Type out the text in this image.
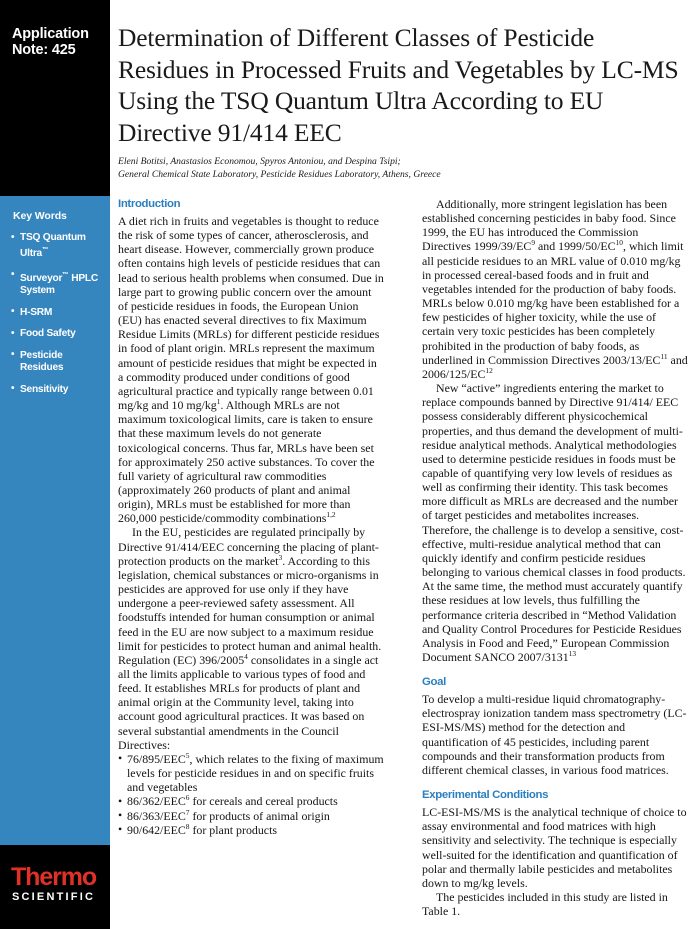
Application
Note: 425
Key Words
• TSQ Quantum Ultra™
• Surveyor™ HPLC System
• H-SRM
• Food Safety
• Pesticide Residues
• Sensitivity
Thermo
SCIENTIFIC
Determination of Different Classes of Pesticide Residues in Processed Fruits and Vegetables by LC-MS Using the TSQ Quantum Ultra According to EU Directive 91/414 EEC
Eleni Botitsi, Anastasios Economou, Spyros Antoniou, and Despina Tsipi;
General Chemical State Laboratory, Pesticide Residues Laboratory, Athens, Greece
Introduction

A diet rich in fruits and vegetables is thought to reduce the risk of some types of cancer, atherosclerosis, and heart disease. However, commercially grown produce often contains high levels of pesticide residues that can lead to serious health problems when consumed. Due in large part to growing public concern over the amount of pesticide residues in foods, the European Union (EU) has enacted several directives to fix Maximum Residue Limits (MRLs) for different pesticide residues in food of plant origin. MRLs represent the maximum amount of pesticide residues that might be expected in a commodity produced under conditions of good agricultural practice and typically range between 0.01 mg/kg and 10 $mg/kg^1$. Although MRLs are not maximum toxicological limits, care is taken to ensure that these maximum levels do not generate toxicological concerns. Thus far, MRLs have been set for approximately 250 active substances. To cover the full variety of agricultural raw commodities (approximately 260 products of plant and animal origin), MRLs must be established for more than 260,000 pesticide/commodity combinations$^{1,2}$

In the EU, pesticides are regulated principally by Directive 91/414/EEC concerning the placing of plant-protection products on the market$^3$. According to this legislation, chemical substances or micro-organisms in pesticides are approved for use only if they have undergone a peer-reviewed safety assessment. All foodstuffs intended for human consumption or animal feed in the EU are now subject to a maximum residue limit for pesticides to protect human and animal health. Regulation (EC) 396/2005$^4$ consolidates in a single act all the limits applicable to various types of food and feed. It establishes MRLs for products of plant and animal origin at the Community level, taking into account good agricultural practices. It was based on several substantial amendments in the Council Directives:

• 76/895/EEC$^5$, which relates to the fixing of maximum levels for pesticide residues in and on specific fruits and vegetables
• 86/362/EEC$^6$ for cereals and cereal products
• 86/363/EEC$^7$ for products of animal origin
• 90/642/EEC$^8$ for plant products

Additionally, more stringent legislation has been established concerning pesticides in baby food. Since 1999, the EU has introduced the Commission Directives $1999/39/EC^9$ and 1999/50/EC$^{10}$, which limit all pesticide residues to an MRL value of 0.010 mg/kg in processed cereal-based foods and in fruit and vegetables intended for the production of baby foods. MRLs below 0.010 mg/kg have been established for a few pesticides of higher toxicity, while the use of certain very toxic pesticides has been completely prohibited in the production of baby foods, as underlined in Commission Directives 2003/13/EC$^{11}$ and 2006/125/EC$^{12}$

New “active” ingredients entering the market to replace compounds banned by Directive 91/414/ EEC possess considerably different physicochemical properties, and thus demand the development of multi-residue analytical methods. Analytical methodologies used to determine pesticide residues in foods must be capable of quantifying very low levels of residues as well as confirming their identity. This task becomes more difficult as MRLs are decreased and the number of target pesticides and metabolites increases. Therefore, the challenge is to develop a sensitive, cost-effective, multi-residue analytical method that can quickly identify and confirm pesticide residues belonging to various chemical classes in food products. At the same time, the method must accurately quantify these residues at low levels, thus fulfilling the performance criteria described in “Method Validation and Quality Control Procedures for Pesticide Residues Analysis in Food and Feed,” European Commission Document SANCO 2007/3131$^{13}$

Goal

To develop a multi-residue liquid chromatography-electrospray ionization tandem mass spectrometry (LC-ESI-MS/MS) method for the detection and quantification of 45 pesticides, including parent compounds and their transformation products from different chemical classes, in various food matrices.

Experimental Conditions

LC-ESI-MS/MS is the analytical technique of choice to assay environmental and food matrices with high sensitivity and selectivity. The technique is especially well-suited for the identification and quantification of polar and thermally labile pesticides and metabolites down to mg/kg levels.

The pesticides included in this study are listed in Table 1.
